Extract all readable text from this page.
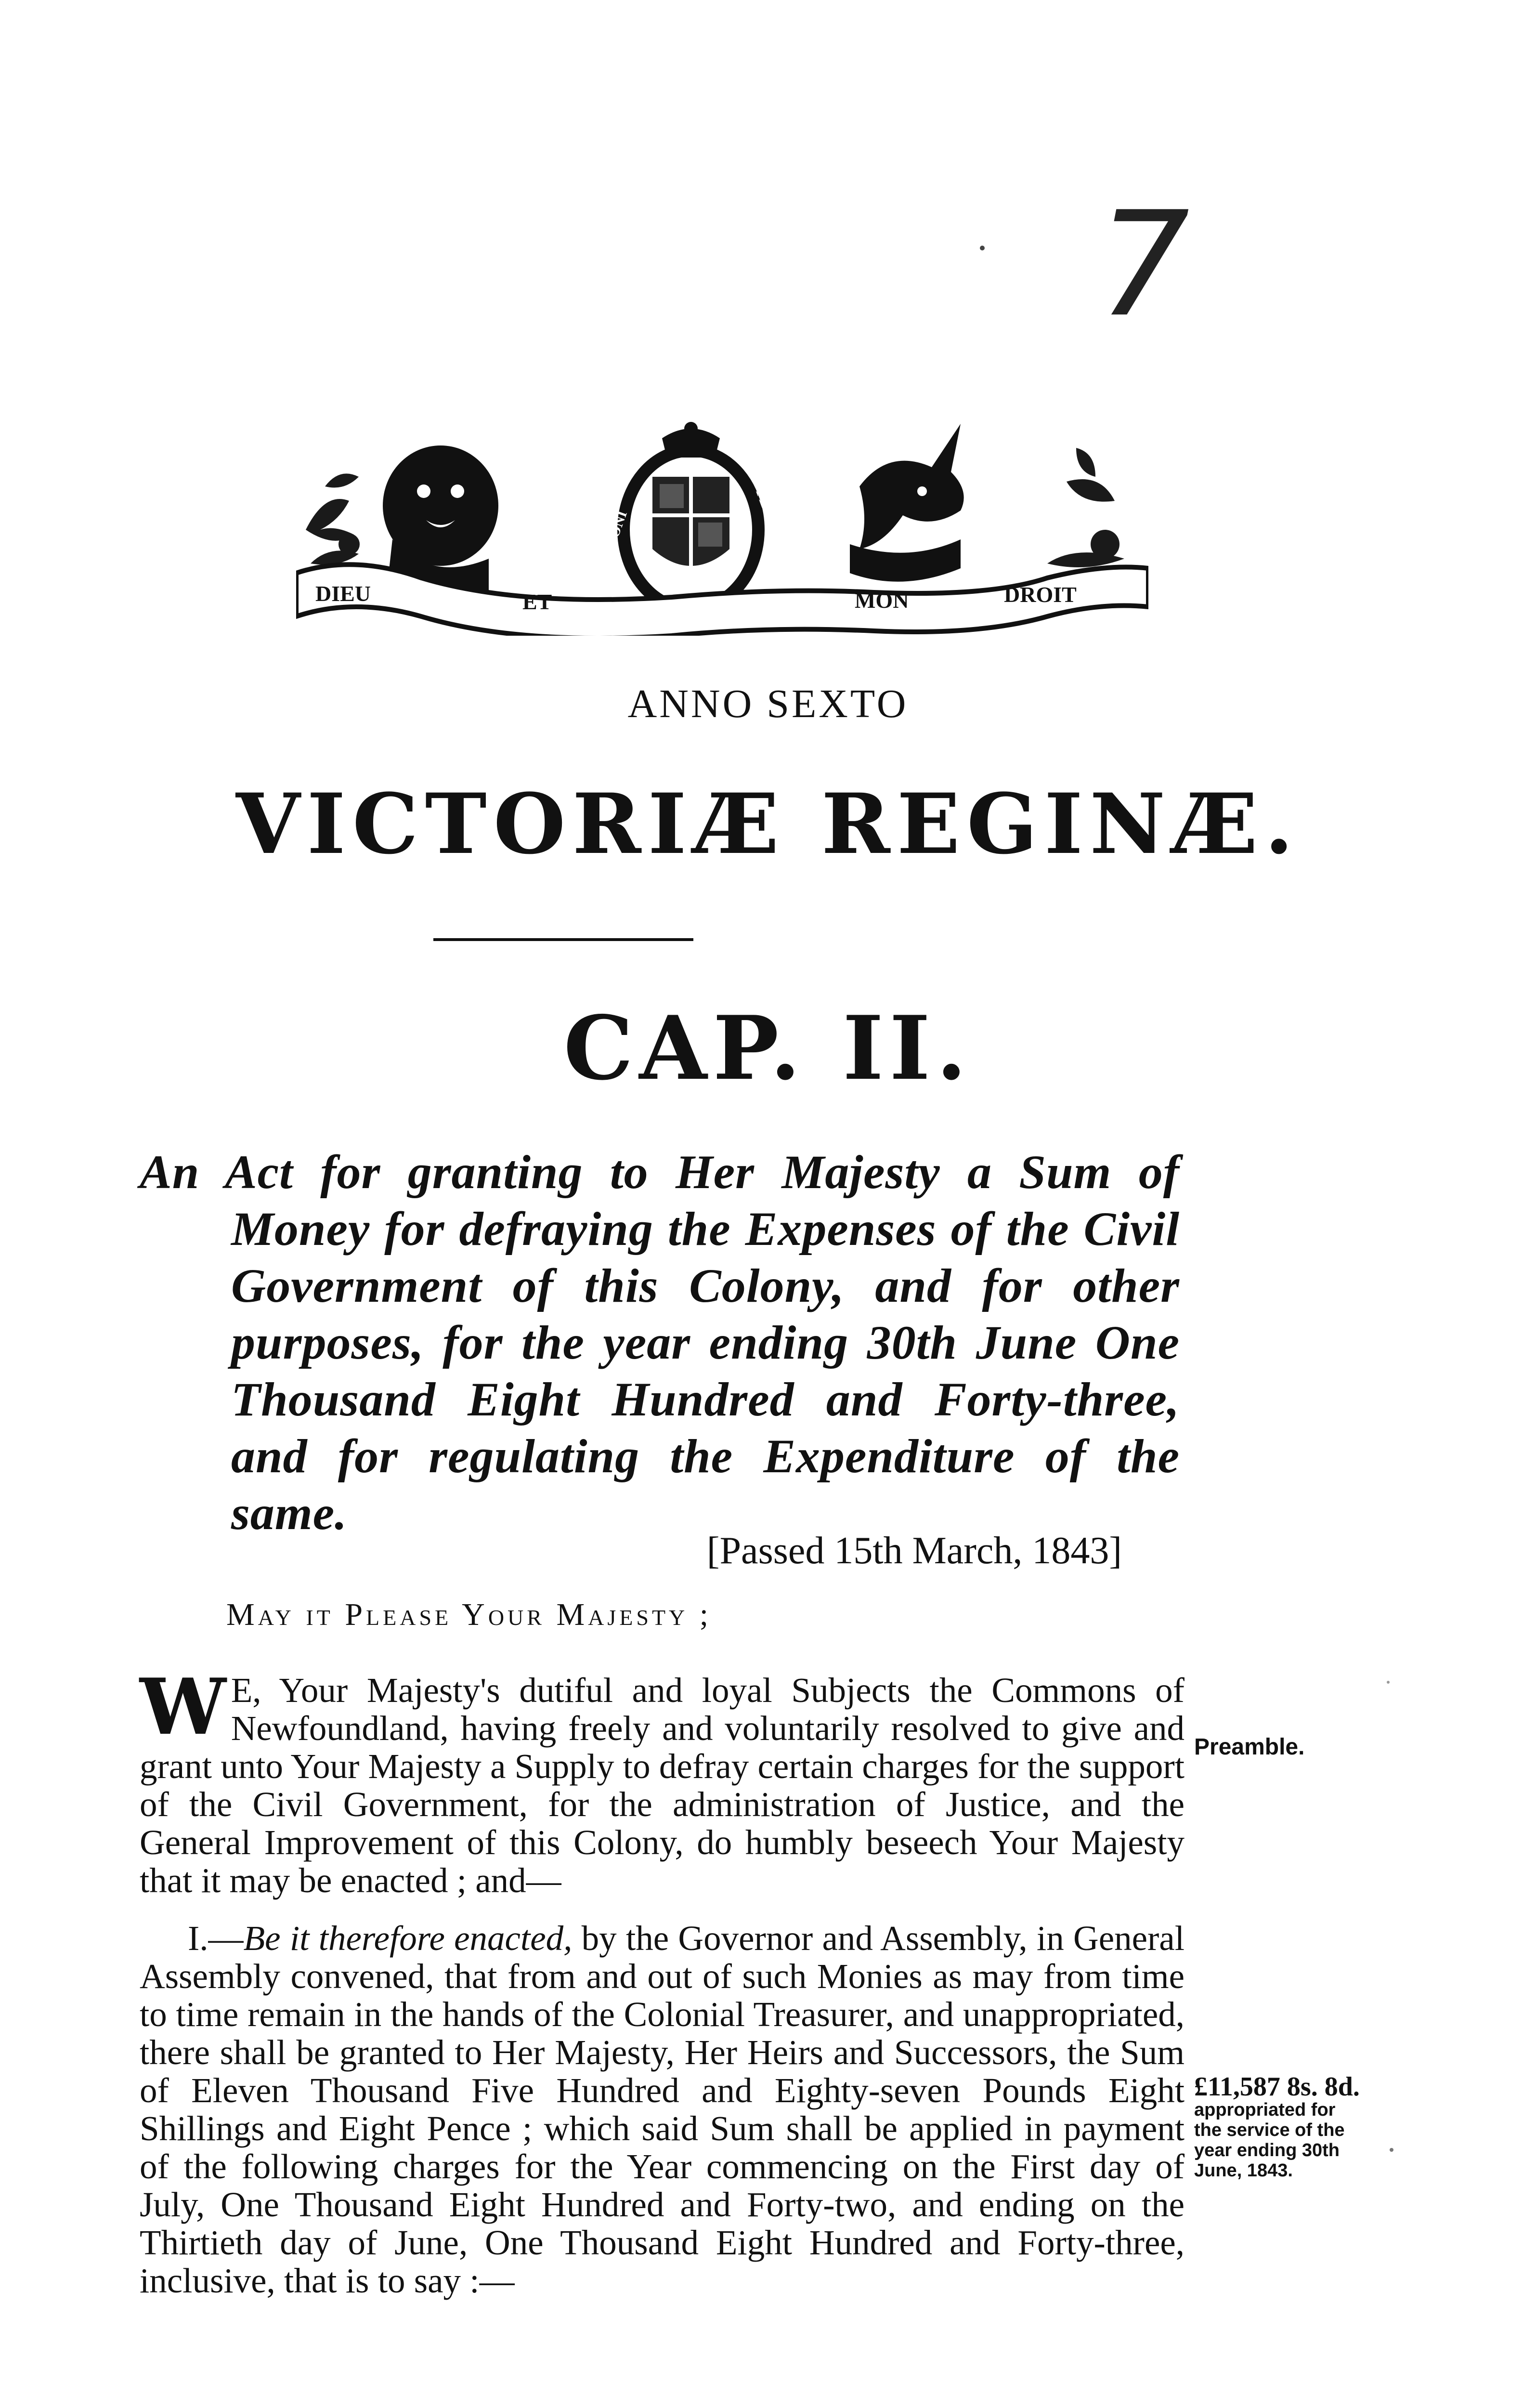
7
DIEU	ET	MON	DROIT
HONI	PENSE
ANNO SEXTO
VICTORIÆ REGINÆ.
CAP. II.
An Act for granting to Her Majesty a Sum of Money for defraying the Expenses of the Civil Government of this Colony, and for other purposes, for the year ending 30th June One Thousand Eight Hundred and Forty-three, and for regulating the Expenditure of the same.
[Passed 15th March, 1843]
May it Please Your Majesty ;
W E, Your Majesty's dutiful and loyal Subjects the Commons of Newfoundland, having freely and voluntarily resolved to give and grant unto Your Majesty a Supply to defray certain charges for the support of the Civil Government, for the administration of Justice, and the General Improvement of this Colony, do humbly beseech Your Majesty that it may be enacted ; and—
Preamble.
I.—Be it therefore enacted, by the Governor and Assembly, in General Assembly convened, that from and out of such Monies as may from time to time remain in the hands of the Colonial Treasurer, and unappropriated, there shall be granted to Her Majesty, Her Heirs and Successors, the Sum of Eleven Thousand Five Hundred and Eighty-seven Pounds Eight Shillings and Eight Pence ; which said Sum shall be applied in payment of the following charges for the Year commencing on the First day of July, One Thousand Eight Hundred and Forty-two, and ending on the Thirtieth day of June, One Thousand Eight Hundred and Forty-three, inclusive, that is to say :—
£11,587 8s. 8d.
appropriated for the service of the year ending 30th June, 1843.
